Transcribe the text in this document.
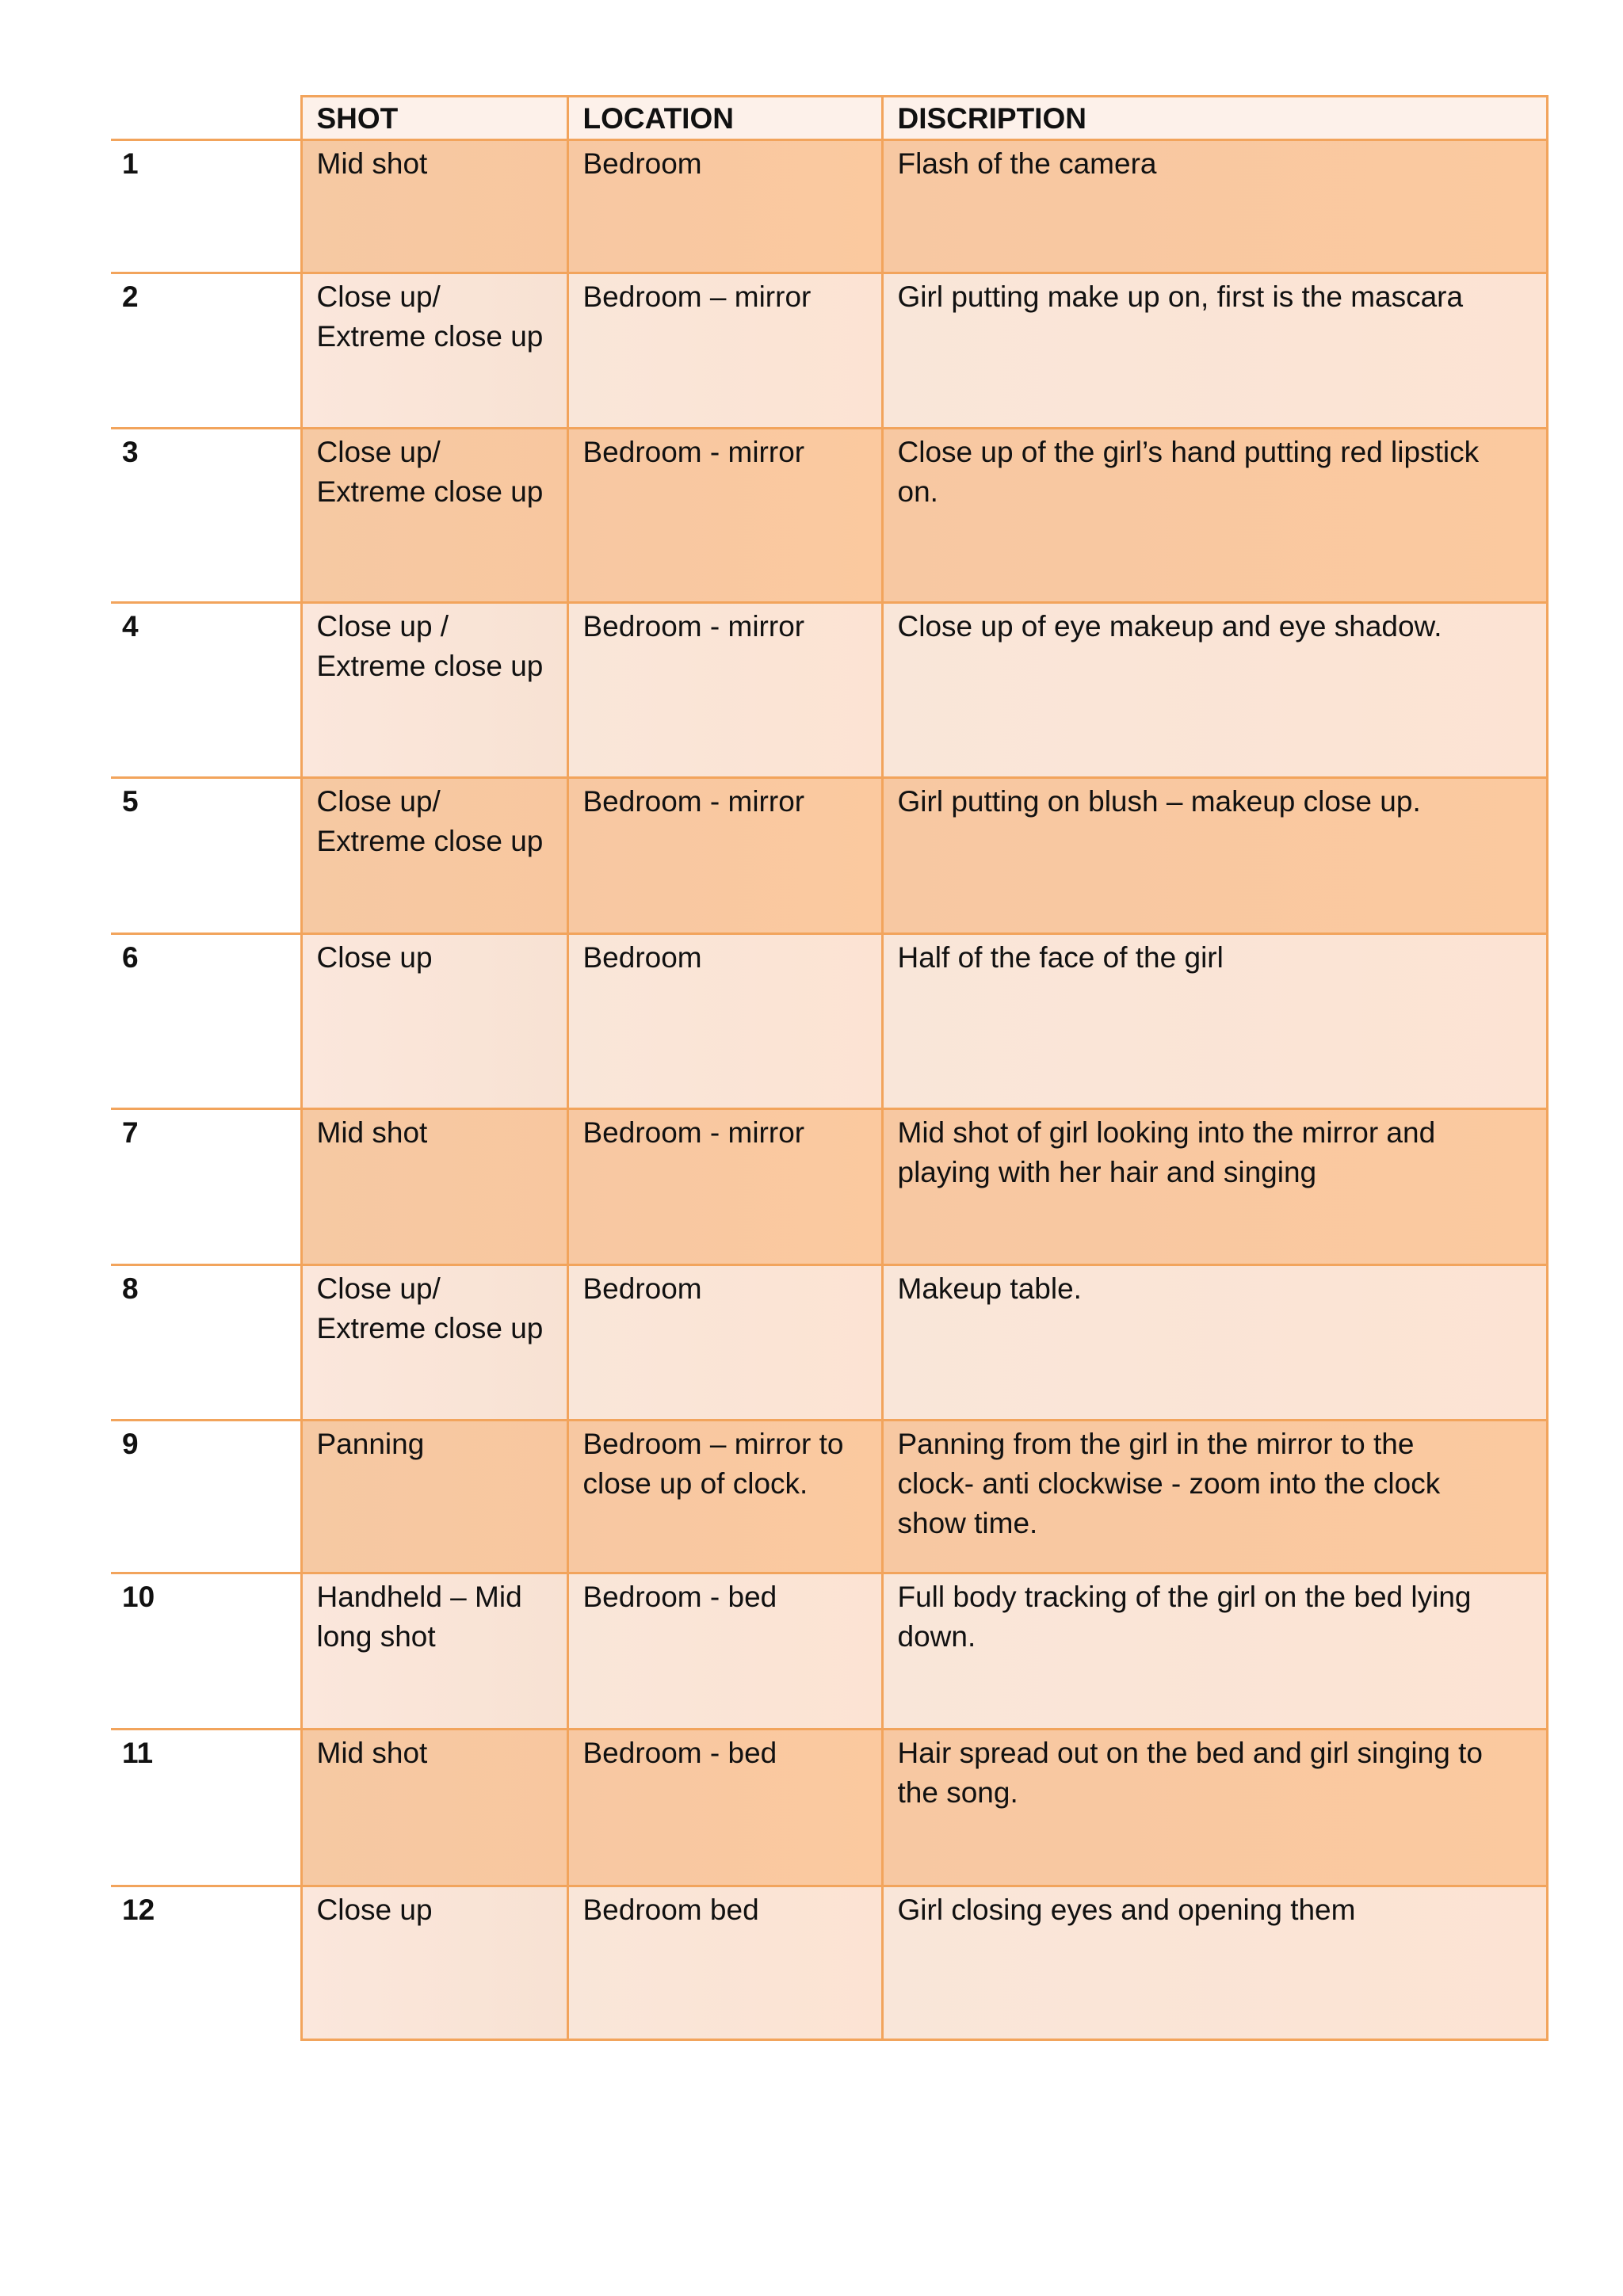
	SHOT	LOCATION	DISCRIPTION
1	Mid shot	Bedroom	Flash of the camera
2	Close up/
Extreme close up	Bedroom – mirror	Girl putting make up on, first is the mascara
3	Close up/
Extreme close up	Bedroom - mirror	Close up of the girl’s hand putting red lipstick
on.
4	Close up /
Extreme close up	Bedroom - mirror	Close up of eye makeup and eye shadow.
5	Close up/
Extreme close up	Bedroom - mirror	Girl putting on blush – makeup close up.
6	Close up	Bedroom	Half of the face of the girl
7	Mid shot	Bedroom - mirror	Mid shot of girl looking into the mirror and
playing with her hair and singing
8	Close up/
Extreme close up	Bedroom	Makeup table.
9	Panning	Bedroom – mirror to
close up of clock.	Panning from the girl in the mirror to the
clock- anti clockwise - zoom into the clock
show time.
10	Handheld – Mid
long shot	Bedroom - bed	Full body tracking of the girl on the bed lying
down.
11	Mid shot	Bedroom - bed	Hair spread out on the bed and girl singing to
the song.
12	Close up	Bedroom bed	Girl closing eyes and opening them
